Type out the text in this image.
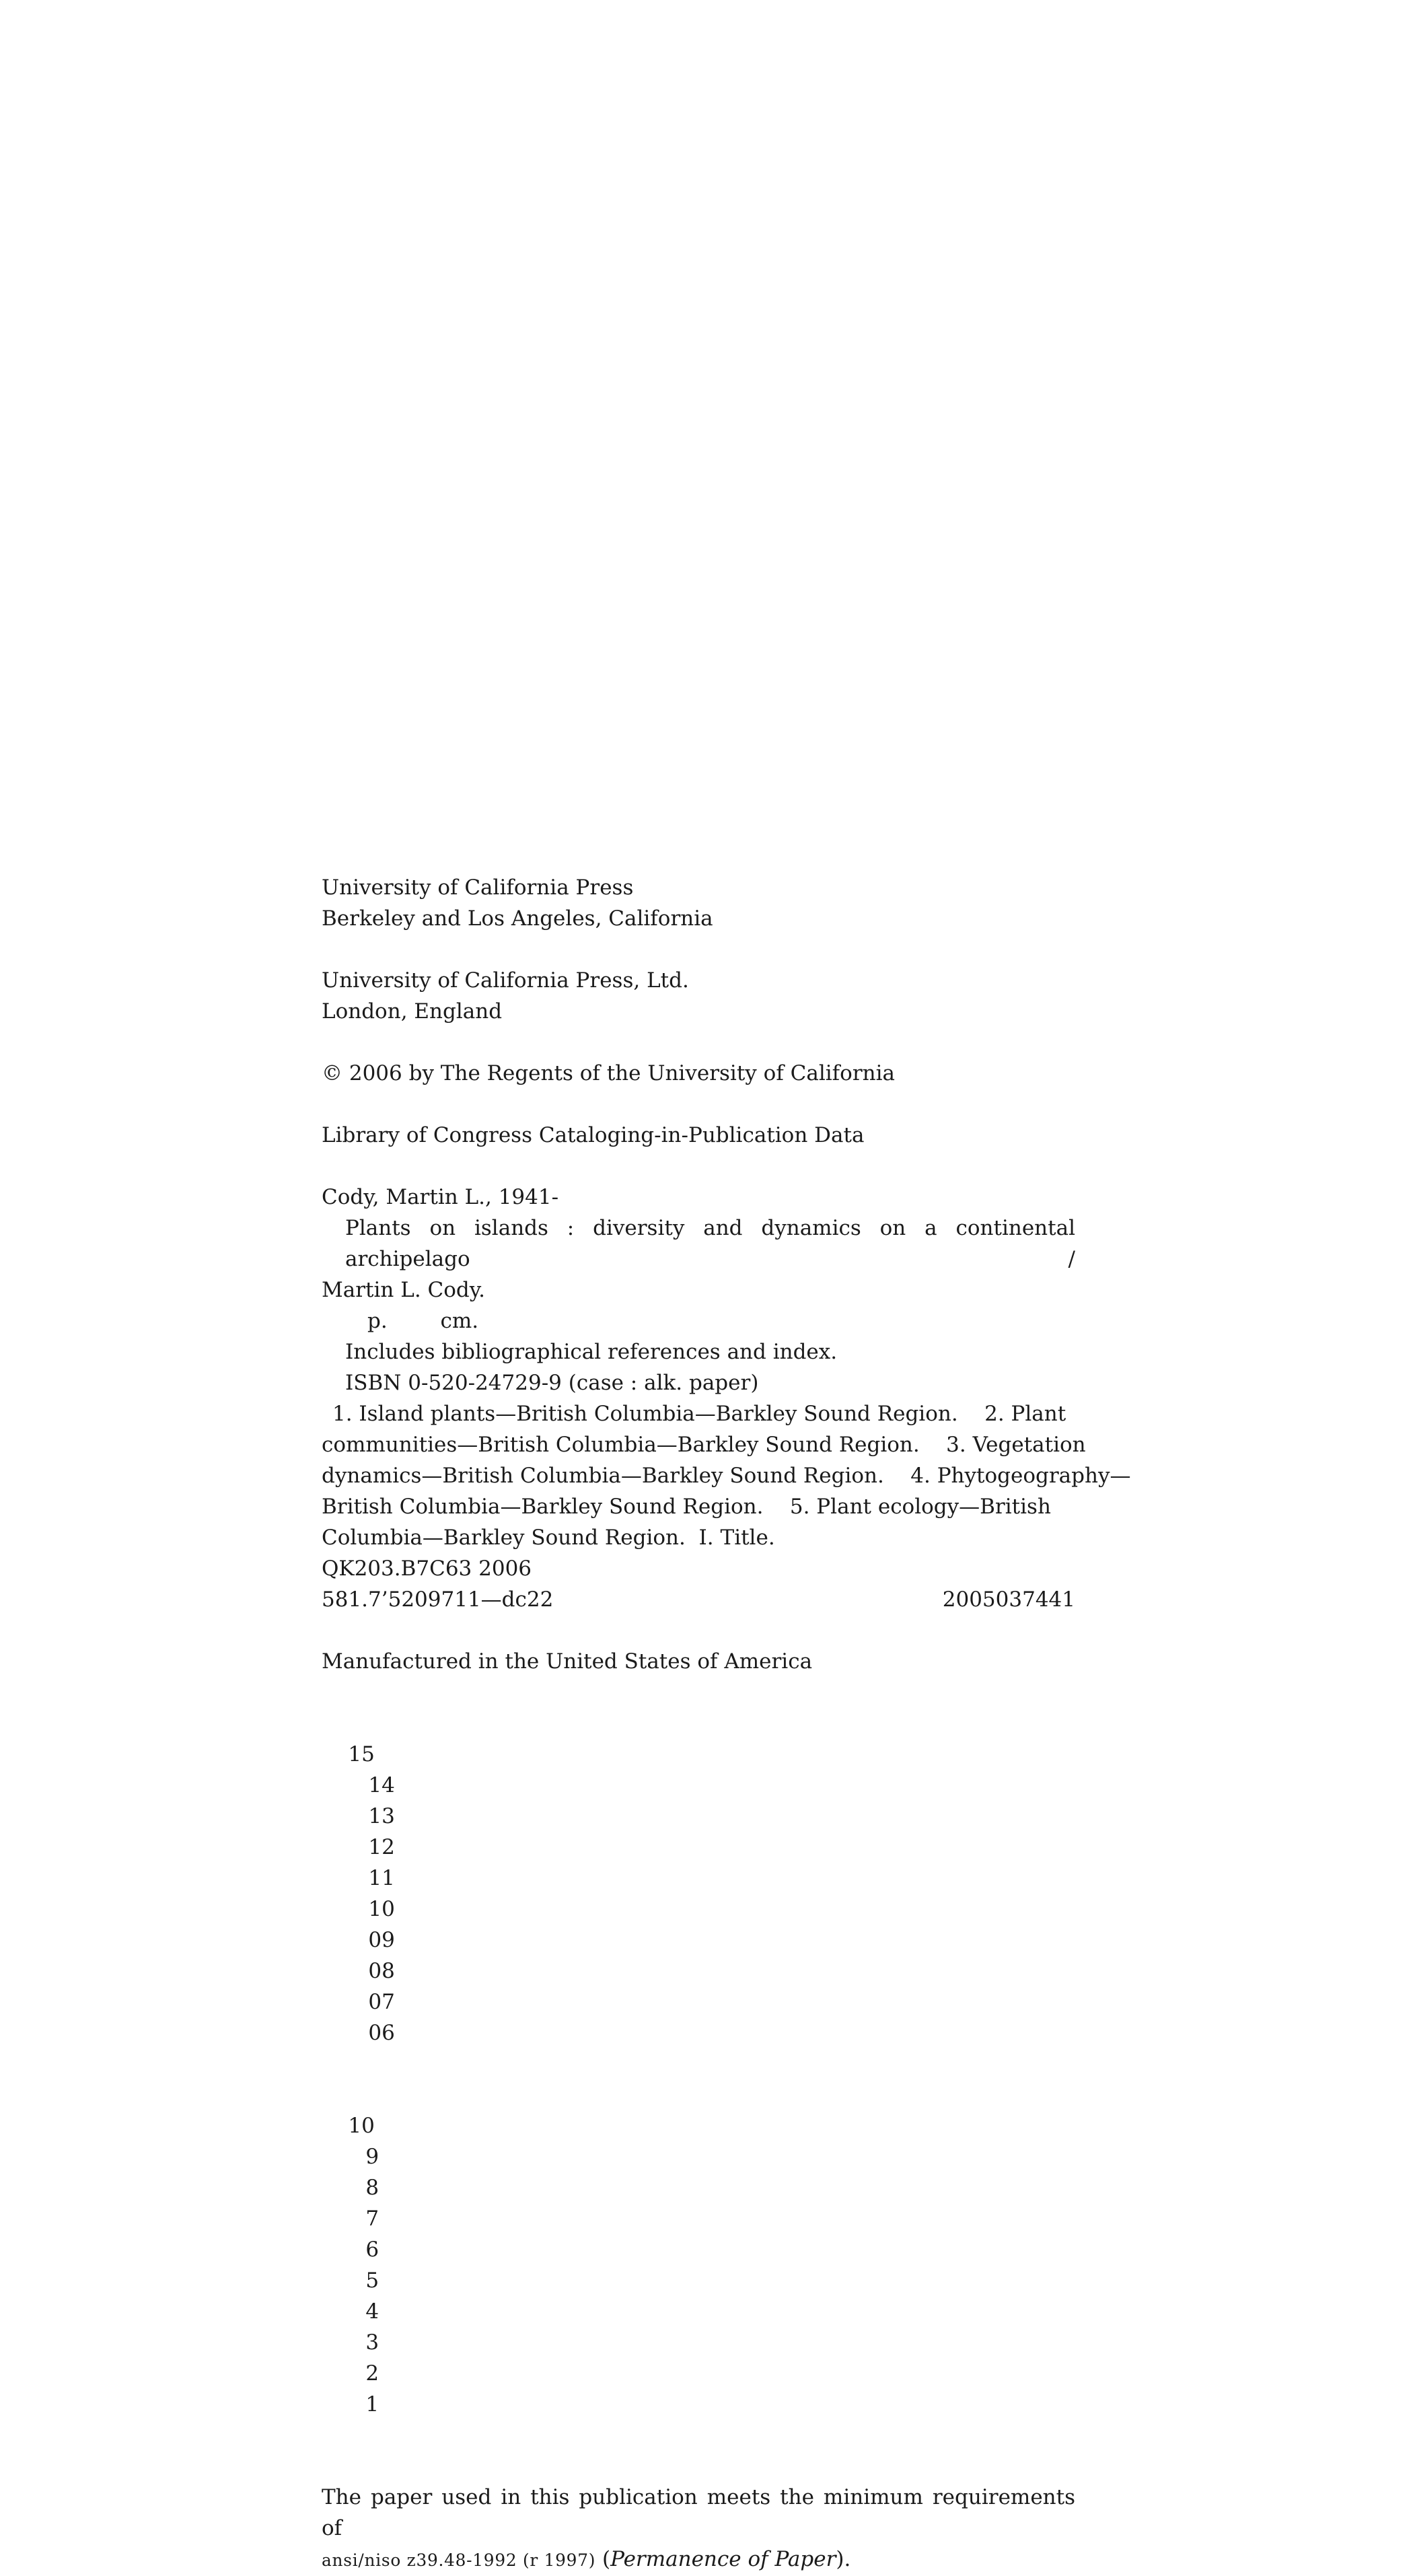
University of California Press
Berkeley and Los Angeles, California
University of California Press, Ltd.
London, England
© 2006 by The Regents of the University of California
Library of Congress Cataloging-in-Publication Data
Cody, Martin L., 1941-
Plants on islands : diversity and dynamics on a continental archipelago /
Martin L. Cody.
p.        cm.
Includes bibliographical references and index.
ISBN 0-520-24729-9 (case : alk. paper)
1. Island plants—British Columbia—Barkley Sound Region.    2. Plant
communities—British Columbia—Barkley Sound Region.    3. Vegetation
dynamics—British Columbia—Barkley Sound Region.    4. Phytogeography—
British Columbia—Barkley Sound Region.    5. Plant ecology—British
Columbia—Barkley Sound Region.  I. Title.
QK203.B7C63 2006
581.7’5209711—dc22	2005037441
Manufactured in the United States of America

15
14
13
12
11
10
09
08
07
06

10
9
8
7
6
5
4
3
2
1

The paper used in this publication meets the minimum requirements of
ansi/niso z39.48-1992 (r 1997) (Permanence of Paper).
